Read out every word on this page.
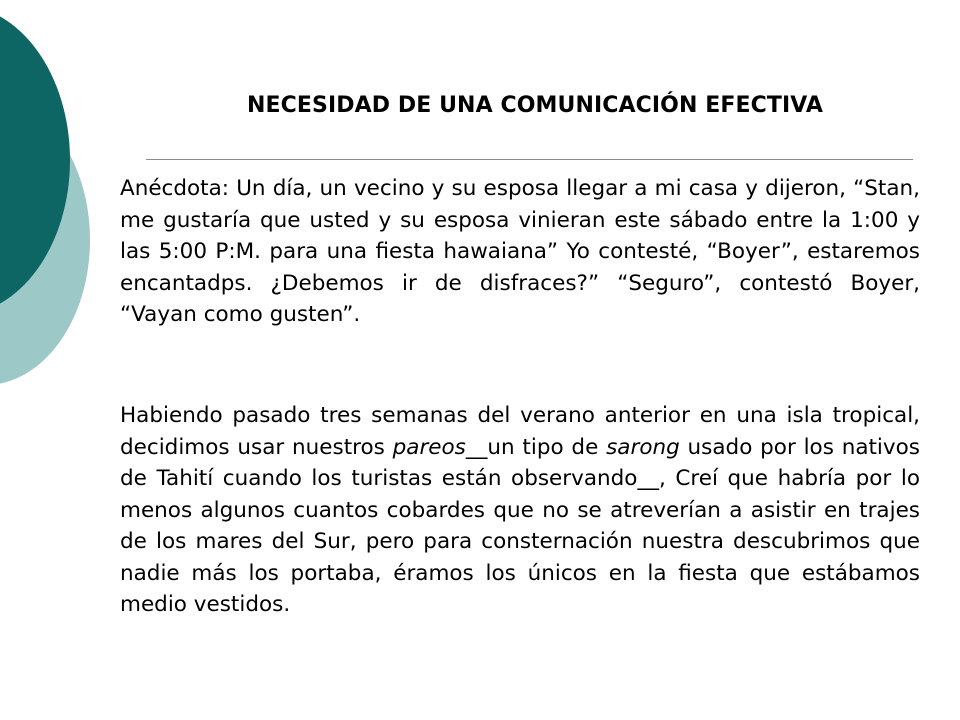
NECESIDAD DE UNA COMUNICACIÓN EFECTIVA
Anécdota: Un día, un vecino y su esposa llegar a mi casa y dijeron, “Stan, me gustaría que usted y su esposa vinieran este sábado entre la 1:00 y las 5:00 P:M. para una fiesta hawaiana” Yo contesté, “Boyer”, estaremos encantadps. ¿Debemos ir de disfraces?” “Seguro”, contestó Boyer, “Vayan como gusten”.
Habiendo pasado tres semanas del verano anterior en una isla tropical, decidimos usar nuestros pareos__un tipo de sarong usado por los nativos de Tahití cuando los turistas están observando__, Creí que habría por lo menos algunos cuantos cobardes que no se atreverían a asistir en trajes de los mares del Sur, pero para consternación nuestra descubrimos que nadie más los portaba, éramos los únicos en la fiesta que estábamos medio vestidos.
